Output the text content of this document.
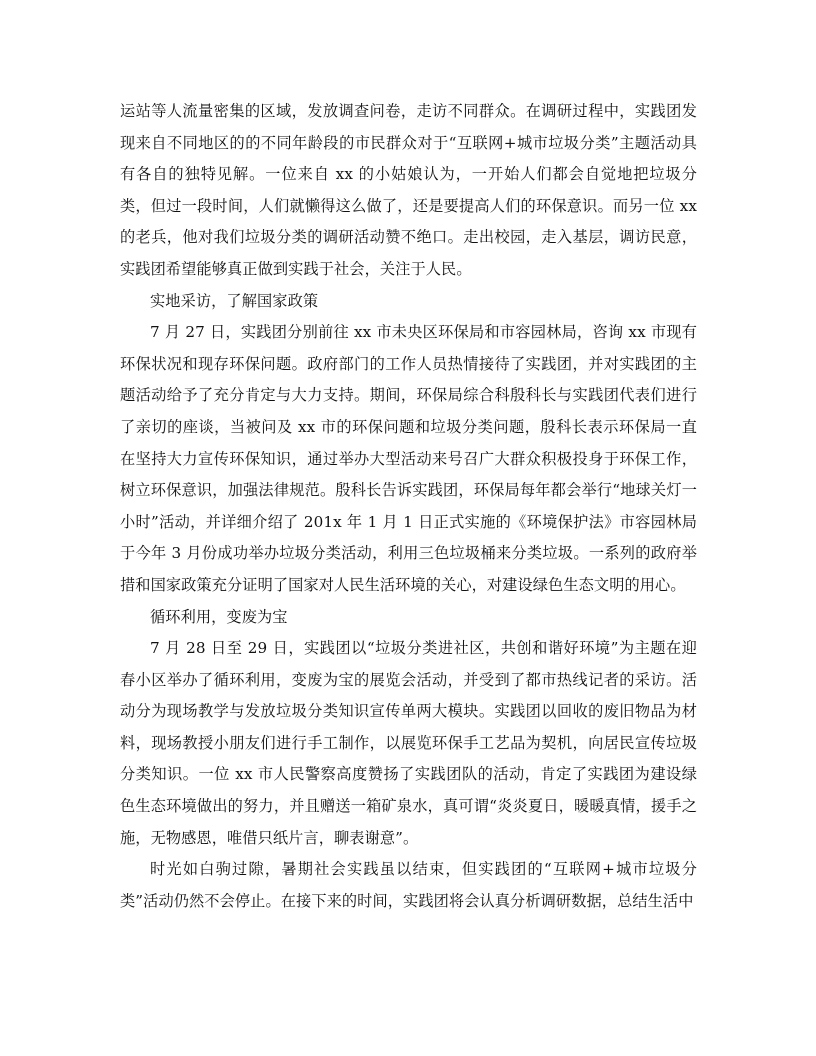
运站等人流量密集的区域，发放调查问卷，走访不同群众。在调研过程中，实践团发现来自不同地区的的不同年龄段的市民群众对于“互联网+城市垃圾分类”主题活动具有各自的独特见解。一位来自 xx 的小姑娘认为，一开始人们都会自觉地把垃圾分类，但过一段时间，人们就懒得这么做了，还是要提高人们的环保意识。而另一位 xx 的老兵，他对我们垃圾分类的调研活动赞不绝口。走出校园，走入基层，调访民意，实践团希望能够真正做到实践于社会，关注于人民。

实地采访，了解国家政策

7 月 27 日，实践团分别前往 xx 市未央区环保局和市容园林局，咨询 xx 市现有环保状况和现存环保问题。政府部门的工作人员热情接待了实践团，并对实践团的主题活动给予了充分肯定与大力支持。期间，环保局综合科殷科长与实践团代表们进行了亲切的座谈，当被问及 xx 市的环保问题和垃圾分类问题，殷科长表示环保局一直在坚持大力宣传环保知识，通过举办大型活动来号召广大群众积极投身于环保工作，树立环保意识，加强法律规范。殷科长告诉实践团，环保局每年都会举行“地球关灯一小时”活动，并详细介绍了 201x 年 1 月 1 日正式实施的《环境保护法》市容园林局于今年 3 月份成功举办垃圾分类活动，利用三色垃圾桶来分类垃圾。一系列的政府举措和国家政策充分证明了国家对人民生活环境的关心，对建设绿色生态文明的用心。

循环利用，变废为宝

7 月 28 日至 29 日，实践团以“垃圾分类进社区，共创和谐好环境”为主题在迎春小区举办了循环利用，变废为宝的展览会活动，并受到了都市热线记者的采访。活动分为现场教学与发放垃圾分类知识宣传单两大模块。实践团以回收的废旧物品为材料，现场教授小朋友们进行手工制作，以展览环保手工艺品为契机，向居民宣传垃圾分类知识。一位 xx 市人民警察高度赞扬了实践团队的活动，肯定了实践团为建设绿色生态环境做出的努力，并且赠送一箱矿泉水，真可谓“炎炎夏日，暖暖真情，援手之施，无物感恩，唯借只纸片言，聊表谢意”。

时光如白驹过隙，暑期社会实践虽以结束，但实践团的“互联网+城市垃圾分类”活动仍然不会停止。在接下来的时间，实践团将会认真分析调研数据，总结生活中
